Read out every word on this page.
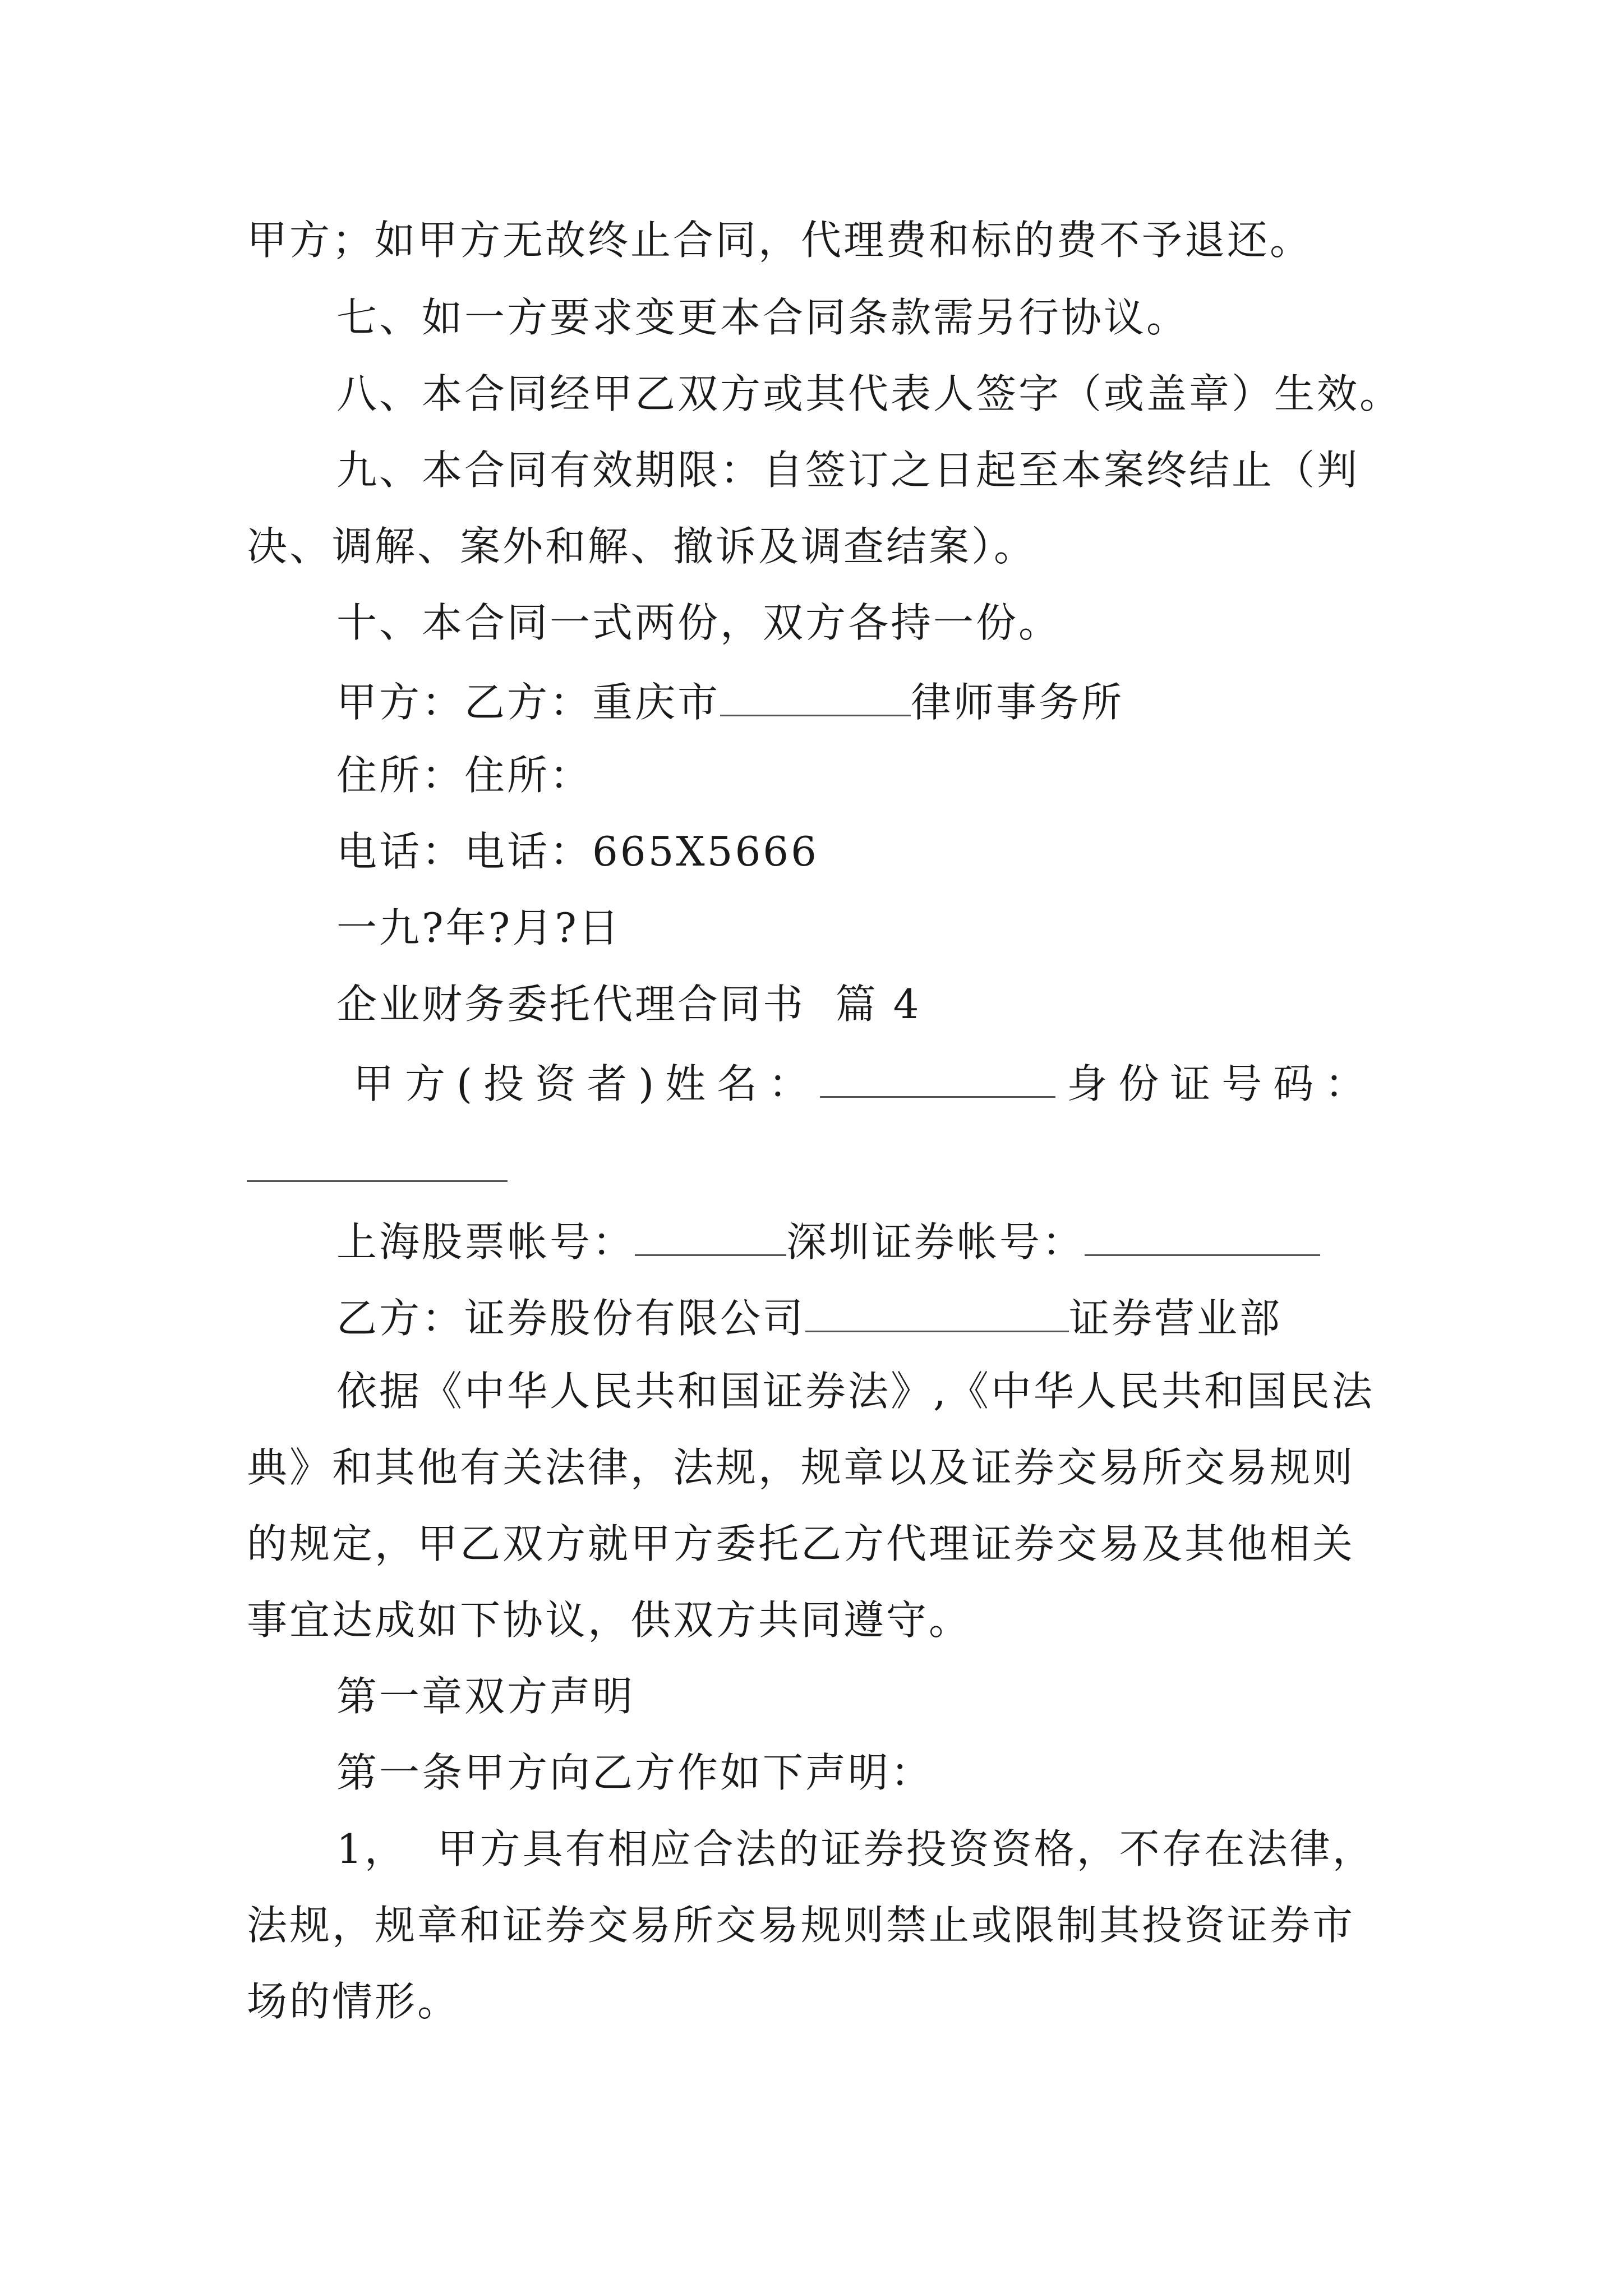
甲方；如甲方无故终止合同，代理费和标的费不予退还。
七、如一方要求变更本合同条款需另行协议。
八、本合同经甲乙双方或其代表人签字（或盖章）生效。
九、本合同有效期限：自签订之日起至本案终结止（判
决、调解、案外和解、撤诉及调查结案）。
十、本合同一式两份，双方各持一份。
甲方：乙方：重庆市	律师事务所
住所：住所：
电话：电话：665X5666
一九?年?月?日
企业财务委托代理合同书  篇 4
甲方(投资者)姓名：	身份证号码：
上海股票帐号：	深圳证券帐号：
乙方：证券股份有限公司	证券营业部
依据《中华人民共和国证券法》,《中华人民共和国民法
典》和其他有关法律，法规，规章以及证券交易所交易规则
的规定，甲乙双方就甲方委托乙方代理证券交易及其他相关
事宜达成如下协议，供双方共同遵守。
第一章双方声明
第一条甲方向乙方作如下声明：
1，  甲方具有相应合法的证券投资资格，不存在法律，
法规，规章和证券交易所交易规则禁止或限制其投资证券市
场的情形。
